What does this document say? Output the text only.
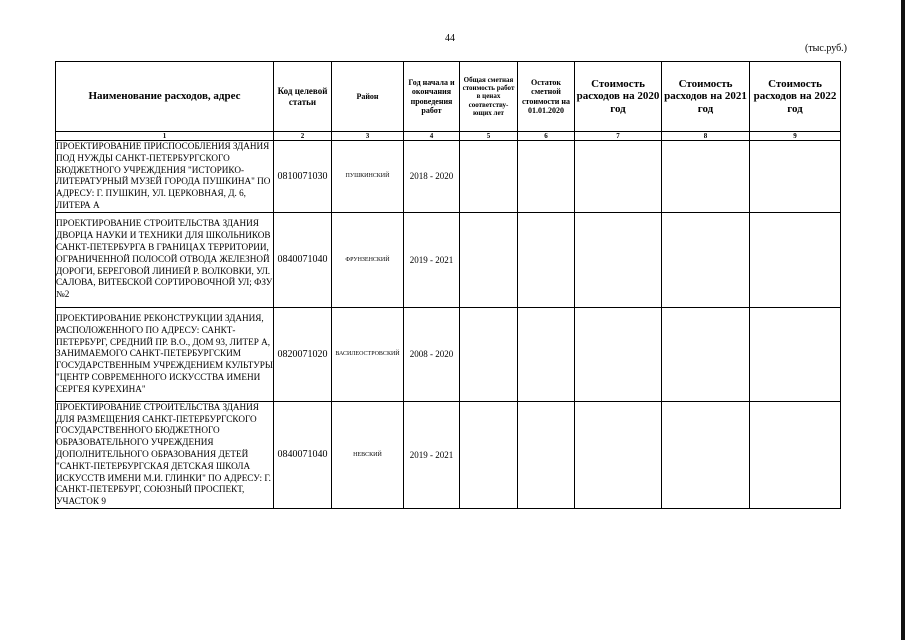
44
(тыс.руб.)
Наименование расходов, адрес	Код целевой статьи	Район	Год начала и окончания проведения работ	Общая сметная стоимость работ в ценах соответству-ющих лет	Остаток сметной стоимости на 01.01.2020	Стоимость расходов на 2020 год	Стоимость расходов на 2021 год	Стоимость расходов на 2022 год
1	2	3	4	5	6	7	8	9
ПРОЕКТИРОВАНИЕ ПРИСПОСОБЛЕНИЯ ЗДАНИЯ ПОД НУЖДЫ САНКТ-ПЕТЕРБУРГСКОГО БЮДЖЕТНОГО УЧРЕЖДЕНИЯ "ИСТОРИКО-ЛИТЕРАТУРНЫЙ МУЗЕЙ ГОРОДА ПУШКИНА" ПО АДРЕСУ: Г. ПУШКИН, УЛ. ЦЕРКОВНАЯ, Д. 6, ЛИТЕРА А	0810071030	ПУШКИНСКИЙ	2018 - 2020					
ПРОЕКТИРОВАНИЕ СТРОИТЕЛЬСТВА ЗДАНИЯ ДВОРЦА НАУКИ И ТЕХНИКИ ДЛЯ ШКОЛЬНИКОВ САНКТ-ПЕТЕРБУРГА В ГРАНИЦАХ ТЕРРИТОРИИ, ОГРАНИЧЕННОЙ ПОЛОСОЙ ОТВОДА ЖЕЛЕЗНОЙ ДОРОГИ, БЕРЕГОВОЙ ЛИНИЕЙ Р. ВОЛКОВКИ, УЛ. САЛОВА, ВИТЕБСКОЙ СОРТИРОВОЧНОЙ УЛ; ФЗУ №2	0840071040	ФРУНЗЕНСКИЙ	2019 - 2021					
ПРОЕКТИРОВАНИЕ РЕКОНСТРУКЦИИ ЗДАНИЯ, РАСПОЛОЖЕННОГО ПО АДРЕСУ: САНКТ-ПЕТЕРБУРГ, СРЕДНИЙ ПР. В.О., ДОМ 93, ЛИТЕР А, ЗАНИМАЕМОГО САНКТ-ПЕТЕРБУРГСКИМ ГОСУДАРСТВЕННЫМ УЧРЕЖДЕНИЕМ КУЛЬТУРЫ "ЦЕНТР СОВРЕМЕННОГО ИСКУССТВА ИМЕНИ СЕРГЕЯ КУРЕХИНА"	0820071020	ВАСИЛЕОСТРОВСКИЙ	2008 - 2020					
ПРОЕКТИРОВАНИЕ СТРОИТЕЛЬСТВА ЗДАНИЯ ДЛЯ РАЗМЕЩЕНИЯ САНКТ-ПЕТЕРБУРГСКОГО ГОСУДАРСТВЕННОГО БЮДЖЕТНОГО ОБРАЗОВАТЕЛЬНОГО УЧРЕЖДЕНИЯ ДОПОЛНИТЕЛЬНОГО ОБРАЗОВАНИЯ ДЕТЕЙ "САНКТ-ПЕТЕРБУРГСКАЯ ДЕТСКАЯ ШКОЛА ИСКУССТВ ИМЕНИ М.И. ГЛИНКИ" ПО АДРЕСУ: Г. САНКТ-ПЕТЕРБУРГ, СОЮЗНЫЙ ПРОСПЕКТ, УЧАСТОК 9	0840071040	НЕВСКИЙ	2019 - 2021					
